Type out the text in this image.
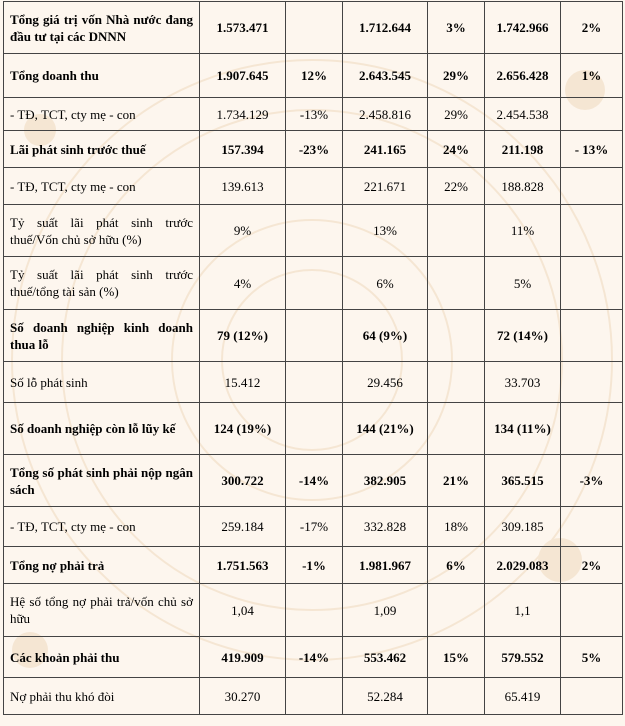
Tổng giá trị vốn Nhà nước đang đầu tư tại các DNNN	1.573.471		1.712.644	3%	1.742.966	2%
Tổng doanh thu	1.907.645	12%	2.643.545	29%	2.656.428	1%
- TĐ, TCT, cty mẹ - con	1.734.129	-13%	2.458.816	29%	2.454.538	
Lãi phát sinh trước thuế	157.394	-23%	241.165	24%	211.198	- 13%
- TĐ, TCT, cty mẹ - con	139.613		221.671	22%	188.828	
Tỷ suất lãi phát sinh trước thuế/Vốn chủ sở hữu (%)	9%		13%		11%	
Tỷ suất lãi phát sinh trước thuế/tổng tài sản (%)	4%		6%		5%	
Số doanh nghiệp kinh doanh thua lỗ	79 (12%)		64 (9%)		72 (14%)	
Số lỗ phát sinh	15.412		29.456		33.703	
Số doanh nghiệp còn lỗ lũy kế	124 (19%)		144 (21%)		134 (11%)	
Tổng số phát sinh phải nộp ngân sách	300.722	-14%	382.905	21%	365.515	-3%
- TĐ, TCT, cty mẹ - con	259.184	-17%	332.828	18%	309.185	
Tổng nợ phải trả	1.751.563	-1%	1.981.967	6%	2.029.083	2%
Hệ số tổng nợ phải trả/vốn chủ sở hữu	1,04		1,09		1,1	
Các khoản phải thu	419.909	-14%	553.462	15%	579.552	5%
Nợ phải thu khó đòi	30.270		52.284		65.419	
